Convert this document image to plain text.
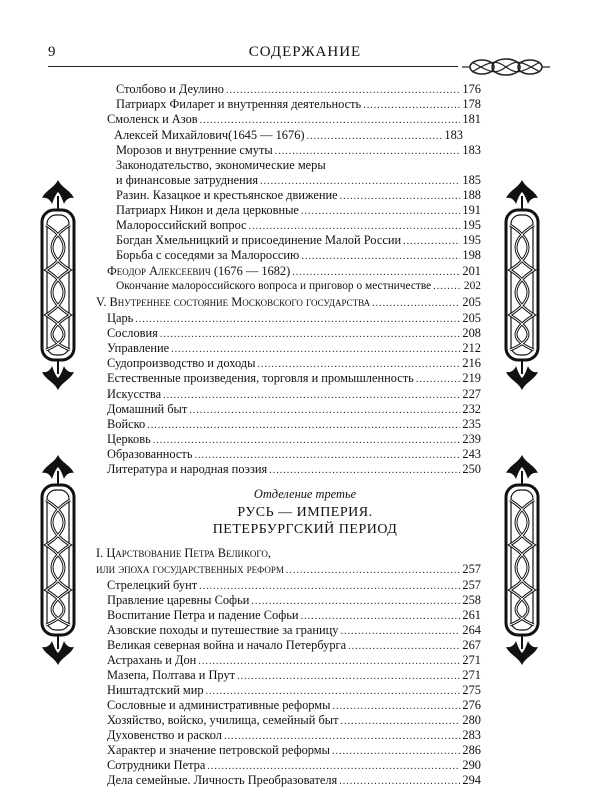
9	СОДЕРЖАНИЕ
Столбово и Деулино .....	176
Патриарх Филарет и внутренняя деятельность .....	178
Смоленск и Азов .....	181
Алексей Михайлович(1645 — 1676) .....	183
Морозов и внутренние смуты .....	183
Законодательство, экономические меры
и финансовые затруднения .....	185
Разин. Казацкое и крестьянское движение .....	188
Патриарх Никон и дела церковные .....	191
Малороссийский вопрос .....	195
Богдан Хмельницкий и присоединение Малой России .....	195
Борьба с соседями за Малороссию .....	198
Феодор Алексеевич (1676 — 1682) .....	201
Окончание малороссийского вопроса и приговор о местничестве .....	202
V. Внутреннее состояние Московского государства .....	205
Царь .....	205
Сословия .....	208
Управление .....	212
Судопроизводство и доходы .....	216
Естественные произведения, торговля и промышленность .....	219
Искусства .....	227
Домашний быт .....	232
Войско .....	235
Церковь .....	239
Образованность .....	243
Литература и народная поэзия .....	250
Отделение третье
РУСЬ — ИМПЕРИЯ.
ПЕТЕРБУРГСКИЙ ПЕРИОД
I. Царствование Петра Великого,
или эпоха государственных реформ .....	257
Стрелецкий бунт .....	257
Правление царевны Софьи .....	258
Воспитание Петра и падение Софьи .....	261
Азовские походы и путешествие за границу .....	264
Великая северная война и начало Петербурга .....	267
Астрахань и Дон .....	271
Мазепа, Полтава и Прут .....	271
Ништадтский мир .....	275
Сословные и административные реформы .....	276
Хозяйство, войско, училища, семейный быт .....	280
Духовенство и раскол .....	283
Характер и значение петровской реформы .....	286
Сотрудники Петра .....	290
Дела семейные. Личность Преобразователя .....	294
